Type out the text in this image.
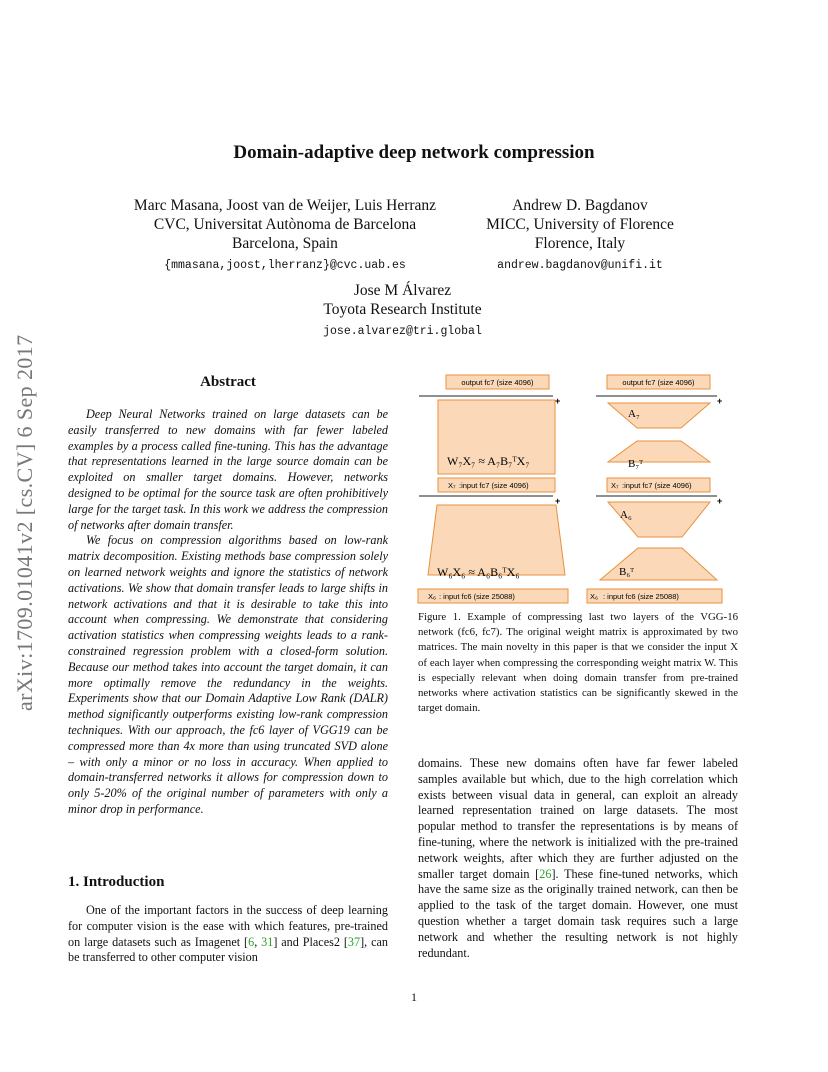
arXiv:1709.01041v2 [cs.CV] 6 Sep 2017
Domain-adaptive deep network compression
Marc Masana, Joost van de Weijer, Luis Herranz
CVC, Universitat Autònoma de Barcelona
Barcelona, Spain
{mmasana,joost,lherranz}@cvc.uab.es
Andrew D. Bagdanov
MICC, University of Florence
Florence, Italy
andrew.bagdanov@unifi.it
Jose M Álvarez
Toyota Research Institute
jose.alvarez@tri.global
Abstract
Deep Neural Networks trained on large datasets can be easily transferred to new domains with far fewer labeled examples by a process called fine-tuning. This has the advantage that representations learned in the large source domain can be exploited on smaller target domains. However, networks designed to be optimal for the source task are often prohibitively large for the target task. In this work we address the compression of networks after domain transfer.
We focus on compression algorithms based on low-rank matrix decomposition. Existing methods base compression solely on learned network weights and ignore the statistics of network activations. We show that domain transfer leads to large shifts in network activations and that it is desirable to take this into account when compressing. We demonstrate that considering activation statistics when compressing weights leads to a rank-constrained regression problem with a closed-form solution. Because our method takes into account the target domain, it can more optimally remove the redundancy in the weights. Experiments show that our Domain Adaptive Low Rank (DALR) method significantly outperforms existing low-rank compression techniques. With our approach, the fc6 layer of VGG19 can be compressed more than 4x more than using truncated SVD alone – with only a minor or no loss in accuracy. When applied to domain-transferred networks it allows for compression down to only 5-20% of the original number of parameters with only a minor drop in performance.
1. Introduction
One of the important factors in the success of deep learning for computer vision is the ease with which features, pre-trained on large datasets such as Imagenet [6, 31] and Places2 [37], can be transferred to other computer vision
output fc7 (size 4096)
+
W₇X₇ ≈ A₇B₇ᵀX₇
X₇ :input fc7 (size 4096)
+
W₆X₆ ≈ A₆B₆ᵀX₆
X₆ : input fc6 (size 25088)
output fc7 (size 4096)
+
A₇
B₇ᵀ
X₇ :input fc7 (size 4096)
+
A₆
B₆ᵀ
X₆ : input fc6 (size 25088)
Figure 1. Example of compressing last two layers of the VGG-16 network (fc6, fc7). The original weight matrix is approximated by two matrices. The main novelty in this paper is that we consider the input X of each layer when compressing the corresponding weight matrix W. This is especially relevant when doing domain transfer from pre-trained networks where activation statistics can be significantly skewed in the target domain.
domains. These new domains often have far fewer labeled samples available but which, due to the high correlation which exists between visual data in general, can exploit an already learned representation trained on large datasets. The most popular method to transfer the representations is by means of fine-tuning, where the network is initialized with the pre-trained network weights, after which they are further adjusted on the smaller target domain [26]. These fine-tuned networks, which have the same size as the originally trained network, can then be applied to the task of the target domain. However, one must question whether a target domain task requires such a large network and whether the resulting network is not highly redundant.
1
